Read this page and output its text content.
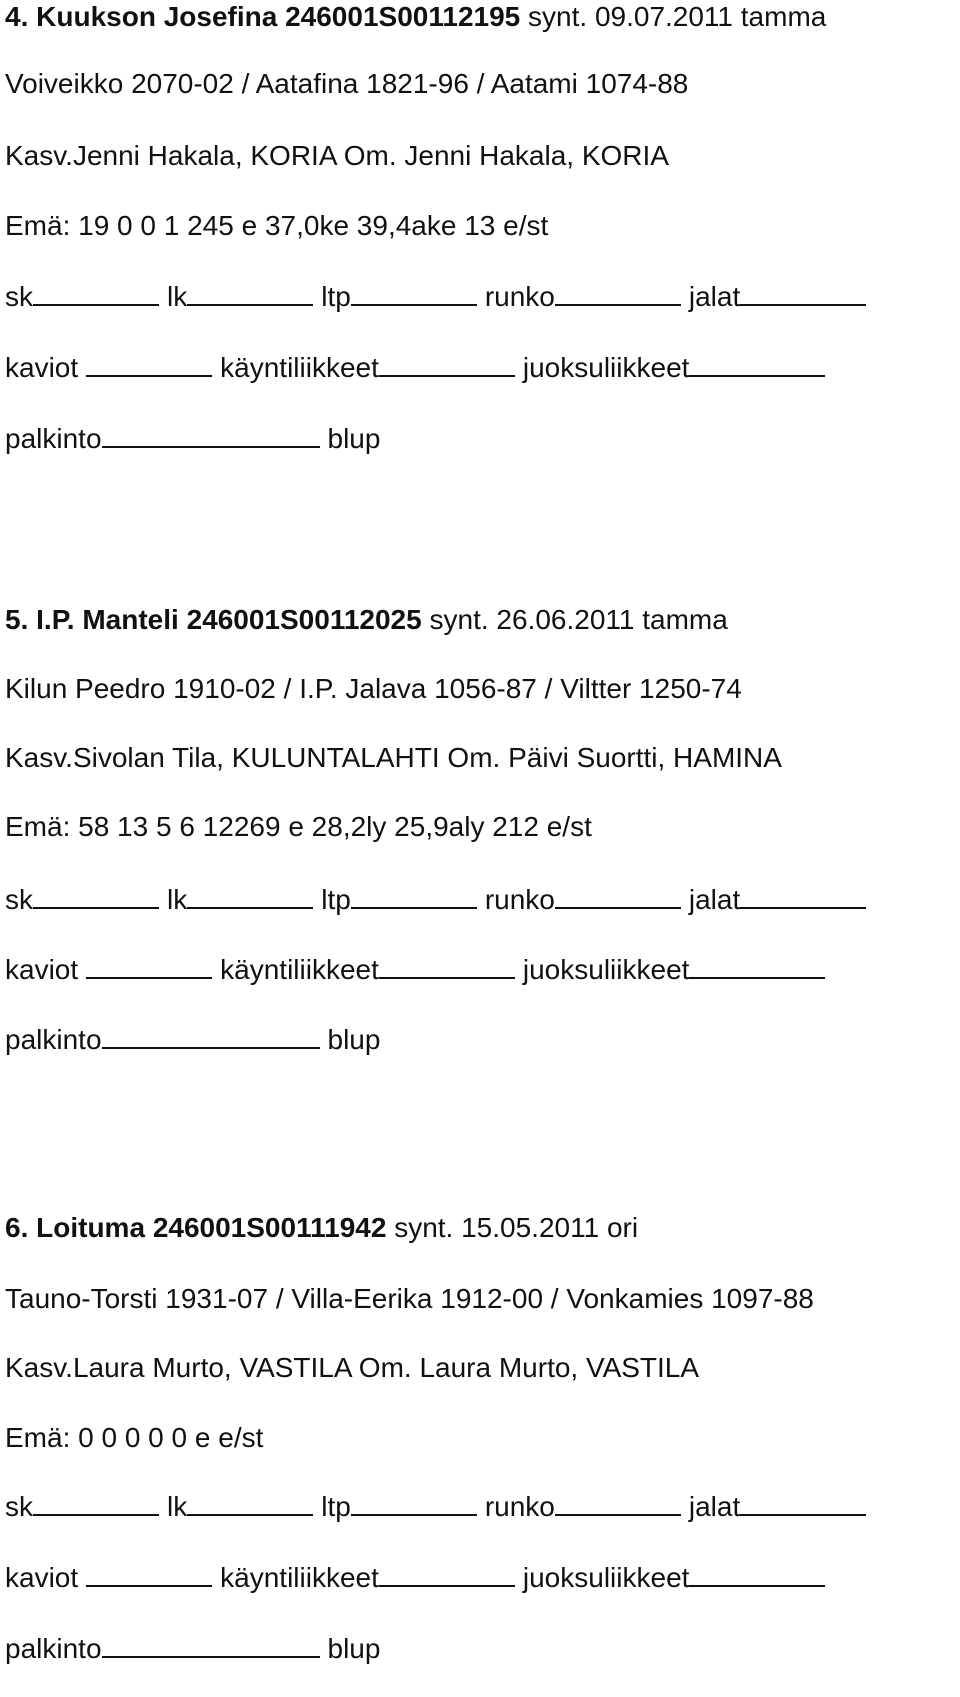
4. Kuukson Josefina 246001S00112195 synt. 09.07.2011 tamma
Voiveikko 2070-02 / Aatafina 1821-96 / Aatami 1074-88
Kasv.Jenni Hakala, KORIA Om. Jenni Hakala, KORIA
Emä: 19 0 0 1 245 e 37,0ke 39,4ake 13 e/st
sk	lk	ltp	runko	jalat
kaviot	käyntiliikkeet	juoksuliikkeet
palkinto	blup
5. I.P. Manteli 246001S00112025 synt. 26.06.2011 tamma
Kilun Peedro 1910-02 / I.P. Jalava 1056-87 / Viltter 1250-74
Kasv.Sivolan Tila, KULUNTALAHTI Om. Päivi Suortti, HAMINA
Emä: 58 13 5 6 12269 e 28,2ly 25,9aly 212 e/st
sk	lk	ltp	runko	jalat
kaviot	käyntiliikkeet	juoksuliikkeet
palkinto	blup
6. Loituma 246001S00111942 synt. 15.05.2011 ori
Tauno-Torsti 1931-07 / Villa-Eerika 1912-00 / Vonkamies 1097-88
Kasv.Laura Murto, VASTILA Om. Laura Murto, VASTILA
Emä: 0 0 0 0 0 e e/st
sk	lk	ltp	runko	jalat
kaviot	käyntiliikkeet	juoksuliikkeet
palkinto	blup
